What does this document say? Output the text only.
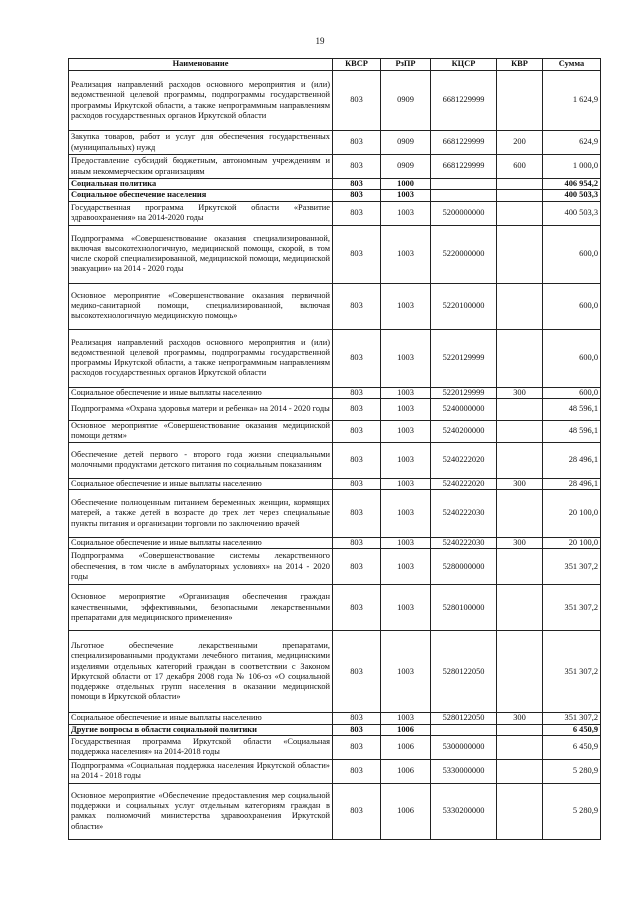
19
Наименование	КВСР	РзПР	КЦСР	КВР	Сумма
Реализация направлений расходов основного мероприятия и (или) ведомственной целевой программы, подпрограммы государственной программы Иркутской области, а также непрограммным направлениям расходов государственных органов Иркутской области	803	0909	6681229999		1 624,9
Закупка товаров, работ и услуг для обеспечения государственных (муниципальных) нужд	803	0909	6681229999	200	624,9
Предоставление субсидий бюджетным, автономным учреждениям и иным некоммерческим организациям	803	0909	6681229999	600	1 000,0
Социальная политика	803	1000			406 954,2
Социальное обеспечение населения	803	1003			400 503,3
Государственная программа Иркутской области «Развитие здравоохранения» на 2014-2020 годы	803	1003	5200000000		400 503,3
Подпрограмма «Совершенствование оказания специализированной, включая высокотехнологичную, медицинской помощи, скорой, в том числе скорой специализированной, медицинской помощи, медицинской эвакуации» на 2014 - 2020 годы	803	1003	5220000000		600,0
Основное мероприятие «Совершенствование оказания первичной медико-санитарной помощи, специализированной, включая высокотехнологичную медицинскую помощь»	803	1003	5220100000		600,0
Реализация направлений расходов основного мероприятия и (или) ведомственной целевой программы, подпрограммы государственной программы Иркутской области, а также непрограммным направлениям расходов государственных органов Иркутской области	803	1003	5220129999		600,0
Социальное обеспечение и иные выплаты населению	803	1003	5220129999	300	600,0
Подпрограмма «Охрана здоровья матери и ребенка» на 2014 - 2020 годы	803	1003	5240000000		48 596,1
Основное мероприятие «Совершенствование оказания медицинской помощи детям»	803	1003	5240200000		48 596,1
Обеспечение детей первого - второго года жизни специальными молочными продуктами детского питания по социальным показаниям	803	1003	5240222020		28 496,1
Социальное обеспечение и иные выплаты населению	803	1003	5240222020	300	28 496,1
Обеспечение полноценным питанием беременных женщин, кормящих матерей, а также детей в возрасте до трех лет через специальные пункты питания и организации торговли по заключению врачей	803	1003	5240222030		20 100,0
Социальное обеспечение и иные выплаты населению	803	1003	5240222030	300	20 100,0
Подпрограмма «Совершенствование системы лекарственного обеспечения, в том числе в амбулаторных условиях» на 2014 - 2020 годы	803	1003	5280000000		351 307,2
Основное мероприятие «Организация обеспечения граждан качественными, эффективными, безопасными лекарственными препаратами для медицинского применения»	803	1003	5280100000		351 307,2
Льготное обеспечение лекарственными препаратами, специализированными продуктами лечебного питания, медицинскими изделиями отдельных категорий граждан в соответствии с Законом Иркутской области от 17 декабря 2008 года № 106-оз «О социальной поддержке отдельных групп населения в оказании медицинской помощи в Иркутской области»	803	1003	5280122050		351 307,2
Социальное обеспечение и иные выплаты населению	803	1003	5280122050	300	351 307,2
Другие вопросы в области социальной политики	803	1006			6 450,9
Государственная программа Иркутской области «Социальная поддержка населения» на 2014-2018 годы	803	1006	5300000000		6 450,9
Подпрограмма «Социальная поддержка населения Иркутской области» на 2014 - 2018 годы	803	1006	5330000000		5 280,9
Основное мероприятие «Обеспечение предоставления мер социальной поддержки и социальных услуг отдельным категориям граждан в рамках полномочий министерства здравоохранения Иркутской области»	803	1006	5330200000		5 280,9
